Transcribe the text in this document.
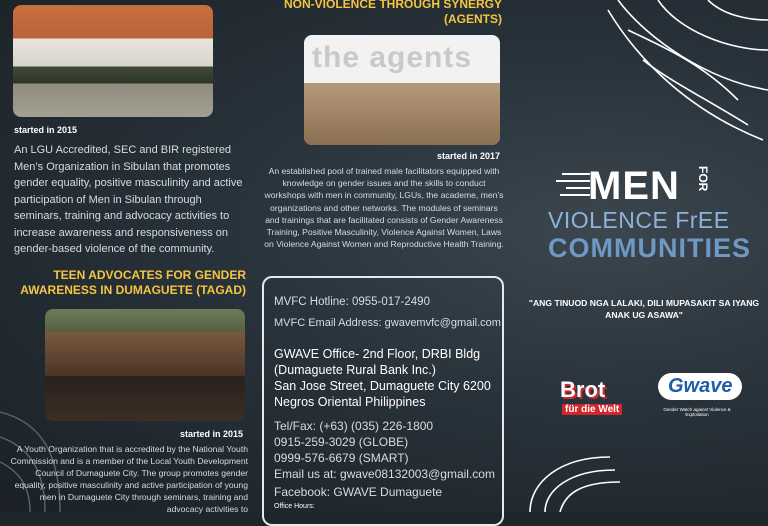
started in 2015
An LGU Accredited, SEC and BIR registered Men’s Organization in Sibulan that promotes gender equality, positive masculinity and active participation of Men in Sibulan through seminars, training and advocacy activities to increase awareness and responsiveness on gender-based violence of the community.
TEEN ADVOCATES FOR GENDER AWARENESS IN DUMAGUETE (TAGAD)
started in 2015
A Youth Organization that is accredited by the National Youth Commission and is a member of the Local Youth Development Council of Dumaguete City. The group promotes gender equality, positive masculinity and active participation of young men in Dumaguete City through seminars, training and advocacy activities to
NON-VIOLENCE THROUGH SYNERGY (AGENTS)
the agents
started in 2017
An established pool of trained male facilitators equipped with knowledge on gender issues and the skills to conduct workshops with men in community, LGUs, the academe, men’s organizations and other networks. The modules of seminars and trainings that are facilitated consists of Gender Awareness Training, Positive Masculinity, Violence Against Women, Laws on Violence Against Women and Reproductive Health Training.
MVFC Hotline: 0955-017-2490
MVFC Email Address: gwavemvfc@gmail.com
GWAVE Office- 2nd Floor, DRBI Bldg
(Dumaguete Rural Bank Inc.)
San Jose Street, Dumaguete City 6200
Negros Oriental Philippines
Tel/Fax: (+63) (035) 226-1800
0915-259-3029 (GLOBE)
0999-576-6679 (SMART)
Email us at: gwave08132003@gmail.com
Facebook: GWAVE Dumaguete
Office Hours:
MEN FOR
VIOLENCE FrEE
COMMUNITIES
"ANG TINUOD NGA LALAKI, DILI MUPASAKIT SA IYANG ANAK UG ASAWA"
Brot
für die Welt
Gwave
Gender Watch against Violence & Exploitation
